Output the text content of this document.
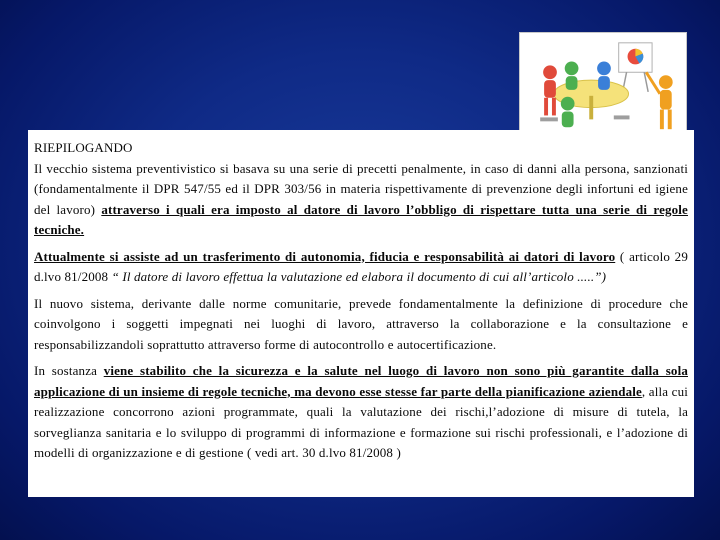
RIEPILOGANDO

Il vecchio sistema preventivistico si basava su una serie di precetti penalmente, in caso di danni alla persona, sanzionati (fondamentalmente il DPR 547/55 ed il DPR 303/56 in materia rispettivamente di prevenzione degli infortuni ed igiene del lavoro) attraverso i quali era imposto al datore di lavoro l’obbligo di rispettare tutta una serie di regole tecniche.

Attualmente si assiste ad un trasferimento di autonomia, fiducia e responsabilità ai datori di lavoro ( articolo 29 d.lvo 81/2008 “ Il datore di lavoro effettua la valutazione ed elabora il documento di cui all’articolo .....”)

Il nuovo sistema, derivante dalle norme comunitarie, prevede fondamentalmente la definizione di procedure che coinvolgono i soggetti impegnati nei luoghi di lavoro, attraverso la collaborazione e la consultazione e responsabilizzandoli soprattutto attraverso forme di autocontrollo e autocertificazione.

In sostanza viene stabilito che la sicurezza e la salute nel luogo di lavoro non sono più garantite dalla sola applicazione di un insieme di regole tecniche, ma devono esse stesse far parte della pianificazione aziendale, alla cui realizzazione concorrono azioni programmate, quali la valutazione dei rischi,l’adozione di misure di tutela, la sorveglianza sanitaria e lo sviluppo di programmi di informazione e formazione sui rischi professionali, e l’adozione di modelli di organizzazione e di gestione ( vedi art. 30 d.lvo 81/2008 )
